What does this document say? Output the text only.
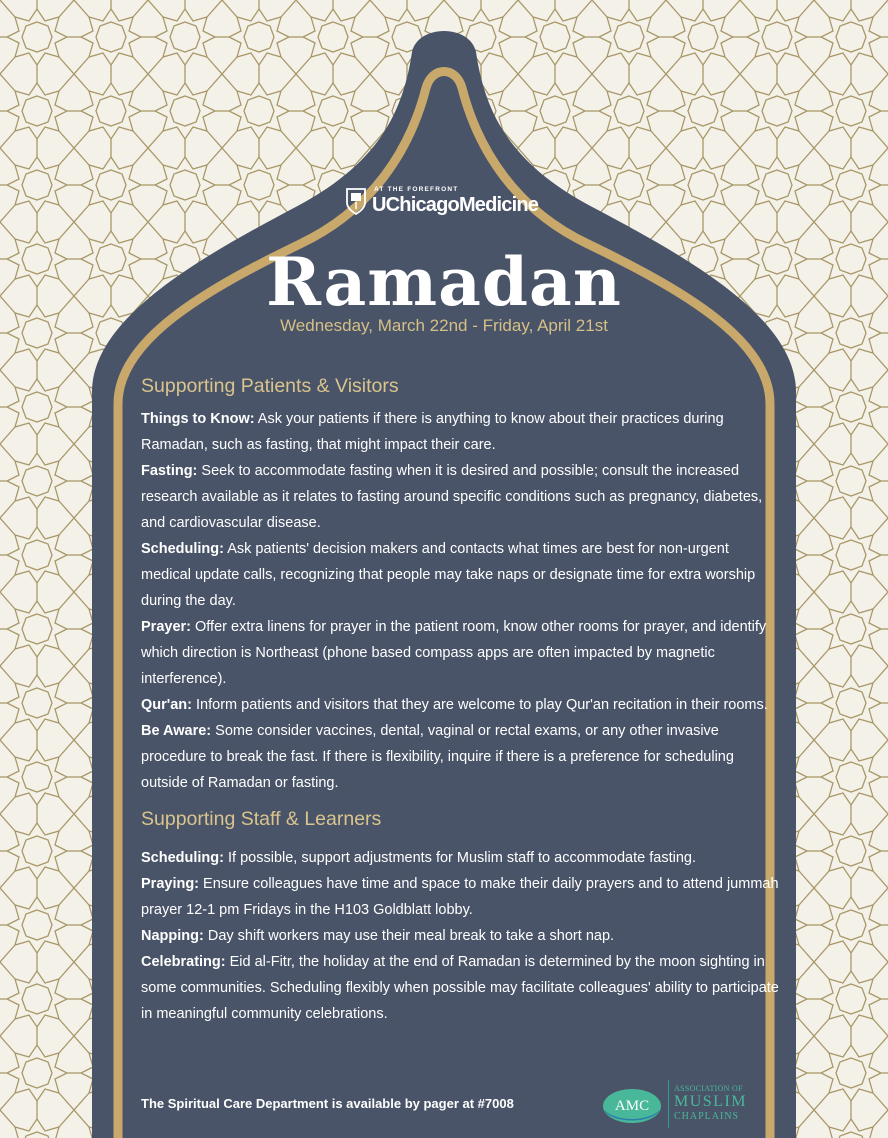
AT THE FOREFRONT
UChicagoMedicine
Ramadan
Wednesday, March 22nd - Friday, April 21st
Supporting Patients & Visitors

Things to Know: Ask your patients if there is anything to know about their practices during Ramadan, such as fasting, that might impact their care.

Fasting: Seek to accommodate fasting when it is desired and possible; consult the increased research available as it relates to fasting around specific conditions such as pregnancy, diabetes, and cardiovascular disease.

Scheduling: Ask patients' decision makers and contacts what times are best for non-urgent medical update calls, recognizing that people may take naps or designate time for extra worship during the day.

Prayer: Offer extra linens for prayer in the patient room, know other rooms for prayer, and identify which direction is Northeast (phone based compass apps are often impacted by magnetic interference).

Qur'an: Inform patients and visitors that they are welcome to play Qur'an recitation in their rooms.

Be Aware: Some consider vaccines, dental, vaginal or rectal exams, or any other invasive procedure to break the fast. If there is flexibility, inquire if there is a preference for scheduling outside of Ramadan or fasting.

Supporting Staff & Learners

Scheduling: If possible, support adjustments for Muslim staff to accommodate fasting.

Praying: Ensure colleagues have time and space to make their daily prayers and to attend jummah prayer 12-1 pm Fridays in the H103 Goldblatt lobby.

Napping: Day shift workers may use their meal break to take a short nap.

Celebrating: Eid al-Fitr, the holiday at the end of Ramadan is determined by the moon sighting in some communities. Scheduling flexibly when possible may facilitate colleagues' ability to participate in meaningful community celebrations.

The Spiritual Care Department is available by pager at #7008	AMC
ASSOCIATION OF
MUSLIM
CHAPLAINS
